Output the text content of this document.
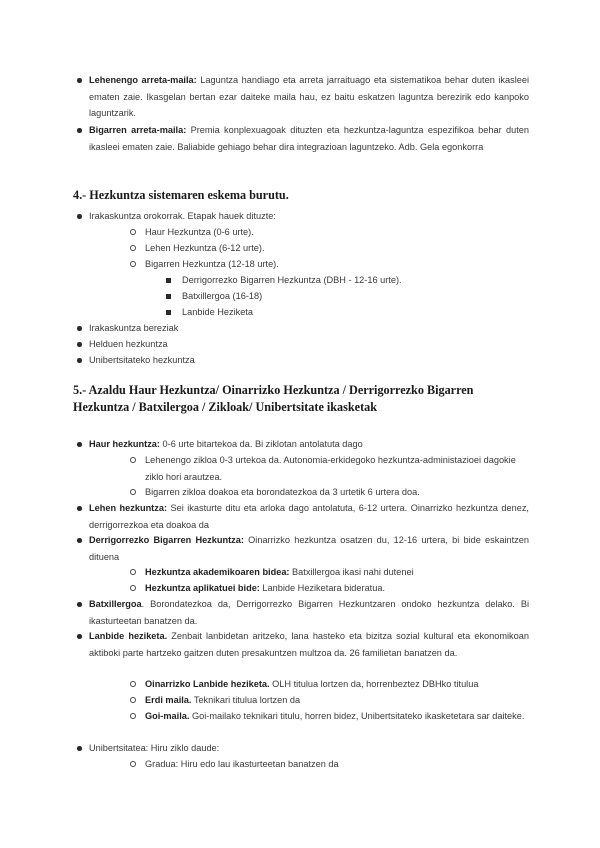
Lehenengo arreta-maila: Laguntza handiago eta arreta jarraituago eta sistematikoa behar duten ikasleei ematen zaie. Ikasgelan bertan ezar daiteke maila hau, ez baitu eskatzen laguntza berezirik edo kanpoko laguntzarik.
Bigarren arreta-maila: Premia konplexuagoak dituzten eta hezkuntza-laguntza espezifikoa behar duten ikasleei ematen zaie. Baliabide gehiago behar dira integrazioan laguntzeko. Adb. Gela egonkorra
4.- Hezkuntza sistemaren eskema burutu.
Irakaskuntza orokorrak. Etapak hauek dituzte:
Haur Hezkuntza (0-6 urte).
Lehen Hezkuntza (6-12 urte).
Bigarren Hezkuntza (12-18 urte).
Derrigorrezko Bigarren Hezkuntza (DBH - 12-16 urte).
Batxillergoa (16-18)
Lanbide Heziketa
Irakaskuntza bereziak
Helduen hezkuntza
Unibertsitateko hezkuntza
5.- Azaldu Haur Hezkuntza/ Oinarrizko Hezkuntza / Derrigorrezko Bigarren
Hezkuntza / Batxilergoa / Zikloak/ Unibertsitate ikasketak
Haur hezkuntza: 0-6 urte bitartekoa da. Bi ziklotan antolatuta dago
Lehenengo zikloa 0-3 urtekoa da. Autonomia-erkidegoko hezkuntza-administazioei dagokie ziklo hori arautzea.
Bigarren zikloa doakoa eta borondatezkoa da 3 urtetik 6 urtera doa.
Lehen hezkuntza: Sei ikasturte ditu eta arloka dago antolatuta, 6-12 urtera. Oinarrizko hezkuntza denez, derrigorrezkoa eta doakoa da
Derrigorrezko Bigarren Hezkuntza: Oinarrizko hezkuntza osatzen du, 12-16 urtera, bi bide eskaintzen dituena
Hezkuntza akademikoaren bidea: Batxillergoa ikasi nahi dutenei
Hezkuntza aplikatuei bide: Lanbide Heziketara bideratua.
Batxillergoa. Borondatezkoa da, Derrigorrezko Bigarren Hezkuntzaren ondoko hezkuntza delako. Bi ikasturteetan banatzen da.
Lanbide heziketa. Zenbait lanbidetan aritzeko, lana hasteko eta bizitza sozial kultural eta ekonomikoan aktiboki parte hartzeko gaitzen duten presakuntzen multzoa da. 26 familietan banatzen da.
Oinarrizko Lanbide heziketa. OLH titulua lortzen da, horrenbeztez DBHko titulua
Erdi maila. Teknikari titulua lortzen da
Goi-maila. Goi-mailako teknikari titulu, horren bidez, Unibertsitateko ikasketetara sar daiteke.
Unibertsitatea: Hiru ziklo daude:
Gradua: Hiru edo lau ikasturteetan banatzen da
